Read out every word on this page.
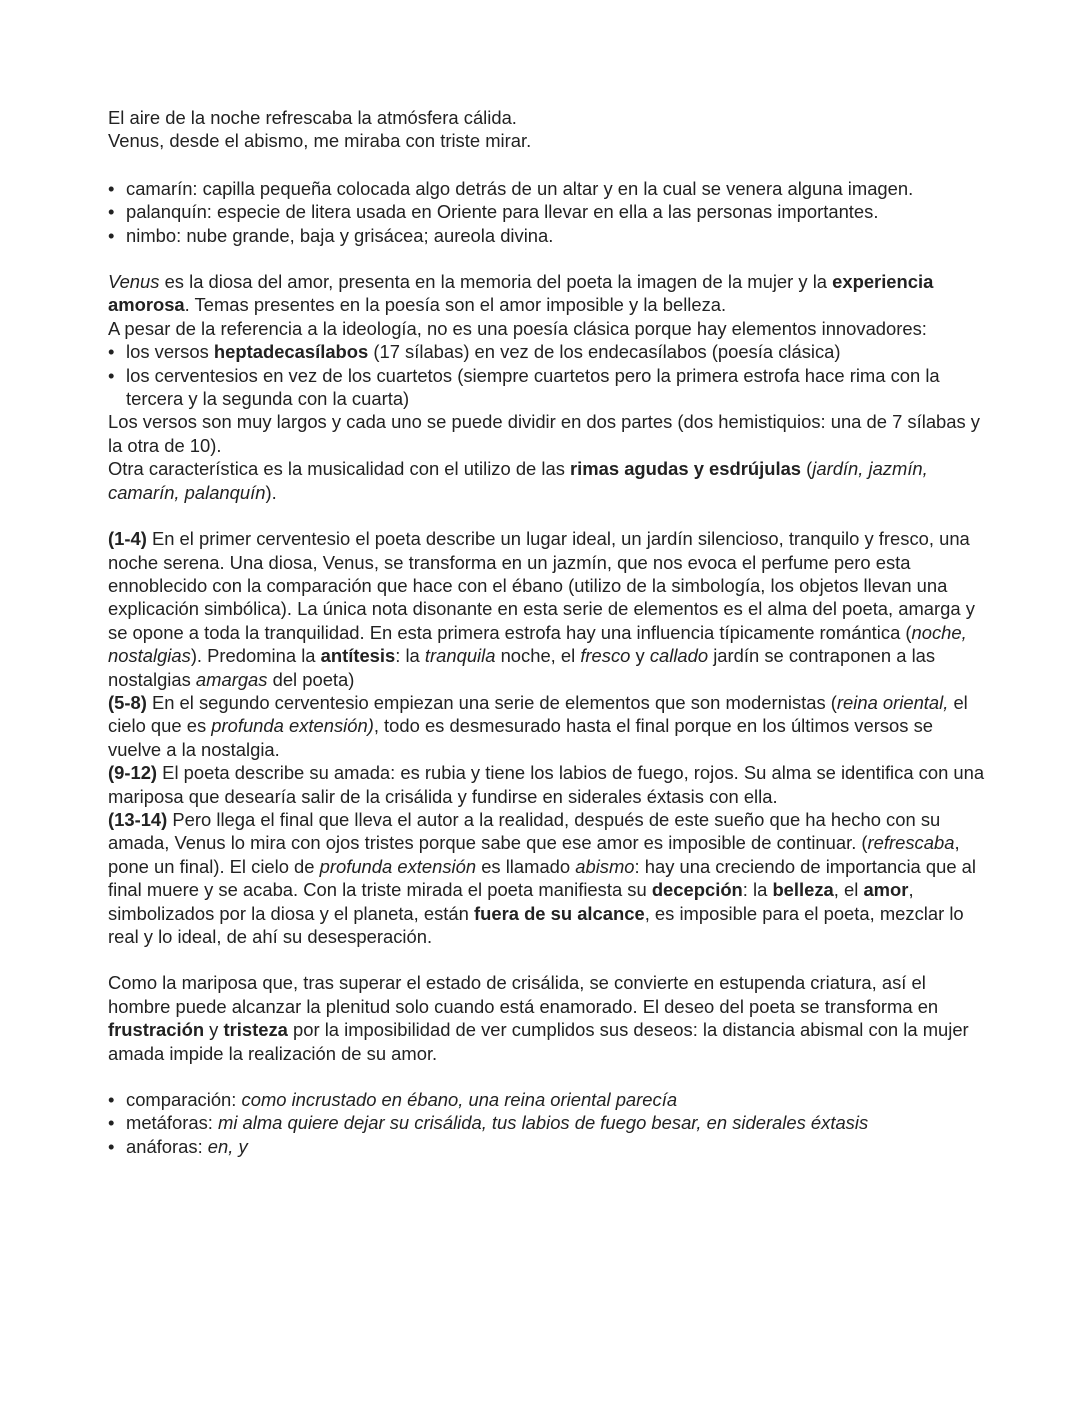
El aire de la noche refrescaba la atmósfera cálida.

Venus, desde el abismo, me miraba con triste mirar.

• camarín: capilla pequeña colocada algo detrás de un altar y en la cual se venera alguna imagen.
• palanquín: especie de litera usada en Oriente para llevar en ella a las personas importantes.
• nimbo: nube grande, baja y grisácea; aureola divina.

Venus es la diosa del amor, presenta en la memoria del poeta la imagen de la mujer y la experiencia amorosa. Temas presentes en la poesía son el amor imposible y la belleza.

A pesar de la referencia a la ideología, no es una poesía clásica porque hay elementos innovadores:

• los versos heptadecasílabos (17 sílabas) en vez de los endecasílabos (poesía clásica)
• los cerventesios en vez de los cuartetos (siempre cuartetos pero la primera estrofa hace rima con la tercera y la segunda con la cuarta)

Los versos son muy largos y cada uno se puede dividir en dos partes (dos hemistiquios: una de 7 sílabas y la otra de 10).

Otra característica es la musicalidad con el utilizo de las rimas agudas y esdrújulas (jardín, jazmín, camarín, palanquín).

(1-4) En el primer cerventesio el poeta describe un lugar ideal, un jardín silencioso, tranquilo y fresco, una noche serena. Una diosa, Venus, se transforma en un jazmín, que nos evoca el perfume pero esta ennoblecido con la comparación que hace con el ébano (utilizo de la simbología, los objetos llevan una explicación simbólica). La única nota disonante en esta serie de elementos es el alma del poeta, amarga y se opone a toda la tranquilidad. En esta primera estrofa hay una influencia típicamente romántica (noche, nostalgias). Predomina la antítesis: la tranquila noche, el fresco y callado jardín se contraponen a las nostalgias amargas del poeta)

(5-8) En el segundo cerventesio empiezan una serie de elementos que son modernistas (reina oriental, el cielo que es profunda extensión), todo es desmesurado hasta el final porque en los últimos versos se vuelve a la nostalgia.

(9-12) El poeta describe su amada: es rubia y tiene los labios de fuego, rojos. Su alma se identifica con una mariposa que desearía salir de la crisálida y fundirse en siderales éxtasis con ella.

(13-14) Pero llega el final que lleva el autor a la realidad, después de este sueño que ha hecho con su amada, Venus lo mira con ojos tristes porque sabe que ese amor es imposible de continuar. (refrescaba, pone un final). El cielo de profunda extensión es llamado abismo: hay una creciendo de importancia que al final muere y se acaba. Con la triste mirada el poeta manifiesta su decepción: la belleza, el amor, simbolizados por la diosa y el planeta, están fuera de su alcance, es imposible para el poeta, mezclar lo real y lo ideal, de ahí su desesperación.

Como la mariposa que, tras superar el estado de crisálida, se convierte en estupenda criatura, así el hombre puede alcanzar la plenitud solo cuando está enamorado. El deseo del poeta se transforma en frustración y tristeza por la imposibilidad de ver cumplidos sus deseos: la distancia abismal con la mujer amada impide la realización de su amor.

• comparación: como incrustado en ébano, una reina oriental parecía
• metáforas: mi alma quiere dejar su crisálida, tus labios de fuego besar, en siderales éxtasis
• anáforas: en, y
